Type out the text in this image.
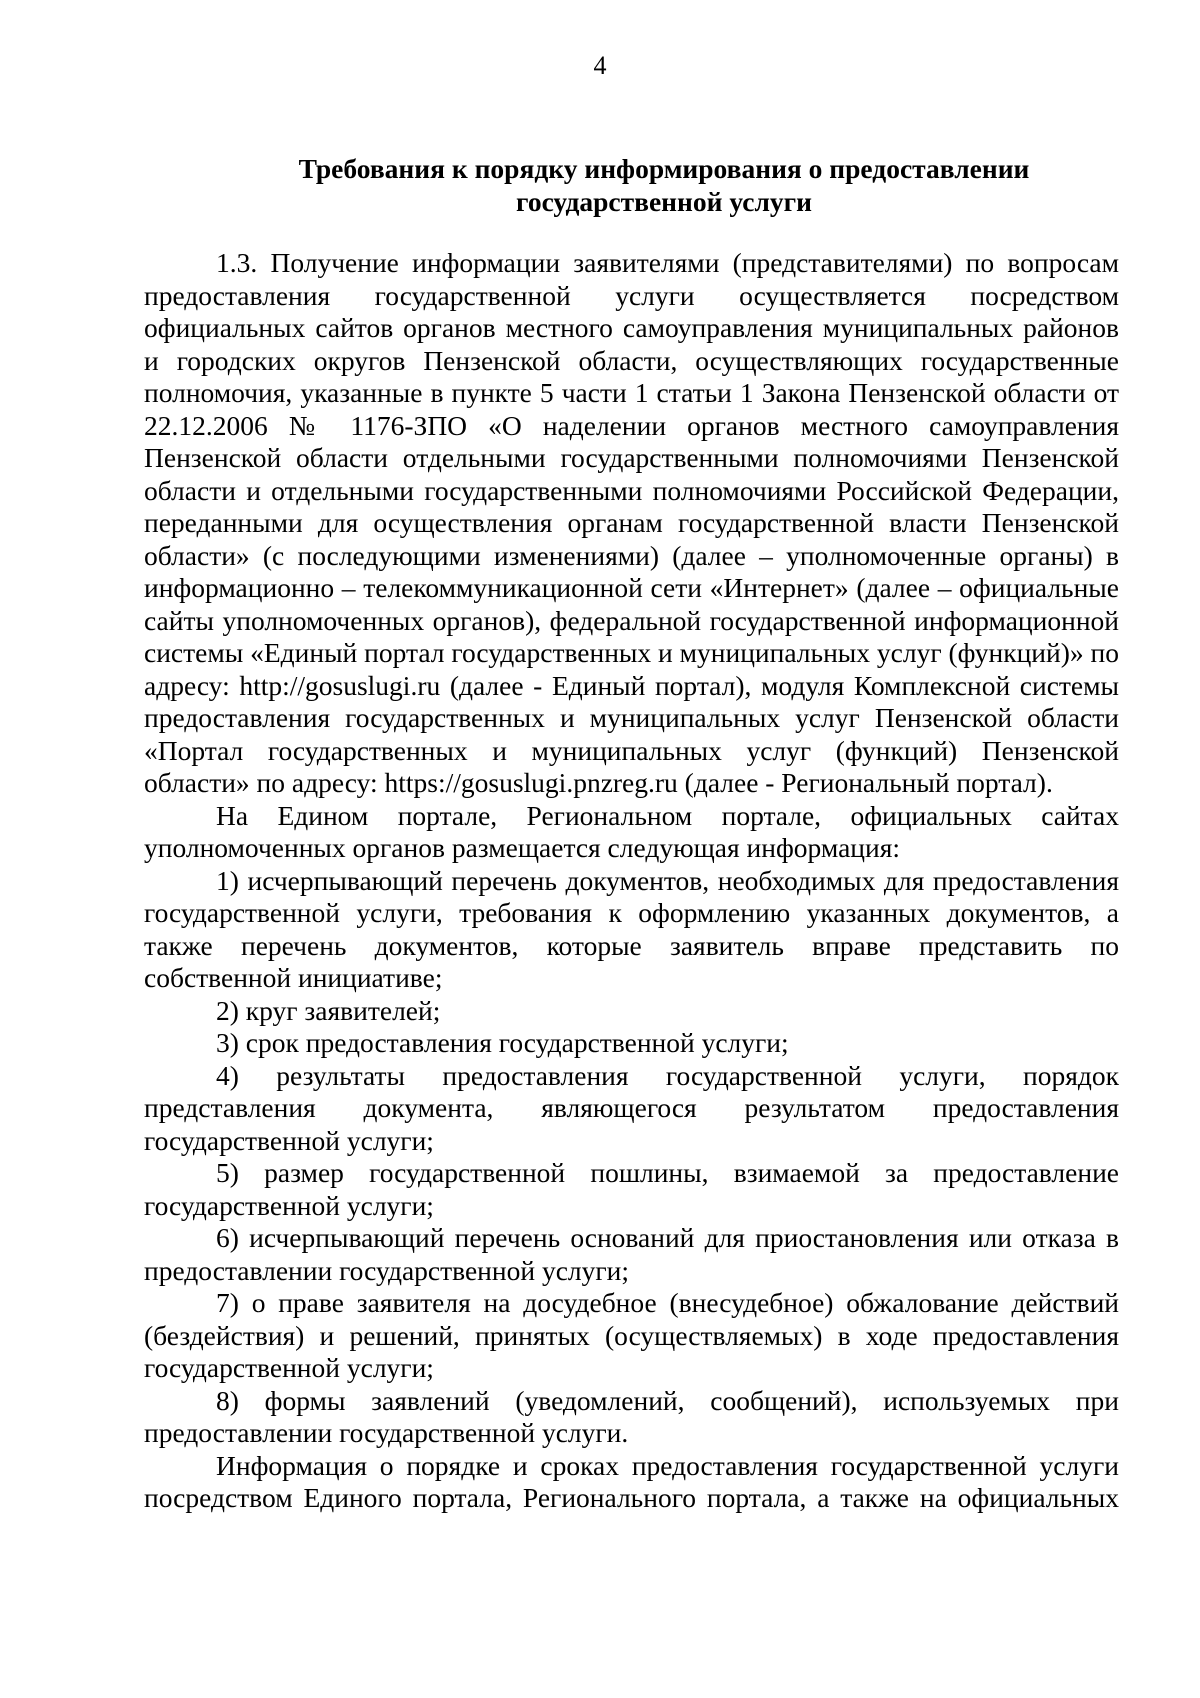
4
Требования к порядку информирования о предоставлении
государственной услуги

1.3. Получение информации заявителями (представителями) по вопросам предоставления государственной услуги осуществляется посредством официальных сайтов органов местного самоуправления муниципальных районов и городских округов Пензенской области, осуществляющих государственные полномочия, указанные в пункте 5 части 1 статьи 1 Закона Пензенской области от 22.12.2006 № 1176-ЗПО «О наделении органов местного самоуправления Пензенской области отдельными государственными полномочиями Пензенской области и отдельными государственными полномочиями Российской Федерации, переданными для осуществления органам государственной власти Пензенской области» (с последующими изменениями) (далее – уполномоченные органы) в информационно – телекоммуникационной сети «Интернет» (далее – официальные сайты уполномоченных органов), федеральной государственной информационной системы «Единый портал государственных и муниципальных услуг (функций)» по адресу: http://gosuslugi.ru (далее - Единый портал), модуля Комплексной системы предоставления государственных и муниципальных услуг Пензенской области «Портал государственных и муниципальных услуг (функций) Пензенской области» по адресу: https://gosuslugi.pnzreg.ru (далее - Региональный портал).

На Едином портале, Региональном портале, официальных сайтах уполномоченных органов размещается следующая информация:

1) исчерпывающий перечень документов, необходимых для предоставления государственной услуги, требования к оформлению указанных документов, а также перечень документов, которые заявитель вправе представить по собственной инициативе;

2) круг заявителей;

3) срок предоставления государственной услуги;

4) результаты предоставления государственной услуги, порядок представления документа, являющегося результатом предоставления государственной услуги;

5) размер государственной пошлины, взимаемой за предоставление государственной услуги;

6) исчерпывающий перечень оснований для приостановления или отказа в предоставлении государственной услуги;

7) о праве заявителя на досудебное (внесудебное) обжалование действий (бездействия) и решений, принятых (осуществляемых) в ходе предоставления государственной услуги;

8) формы заявлений (уведомлений, сообщений), используемых при предоставлении государственной услуги.

Информация о порядке и сроках предоставления государственной услуги посредством Единого портала, Регионального портала, а также на официальных
